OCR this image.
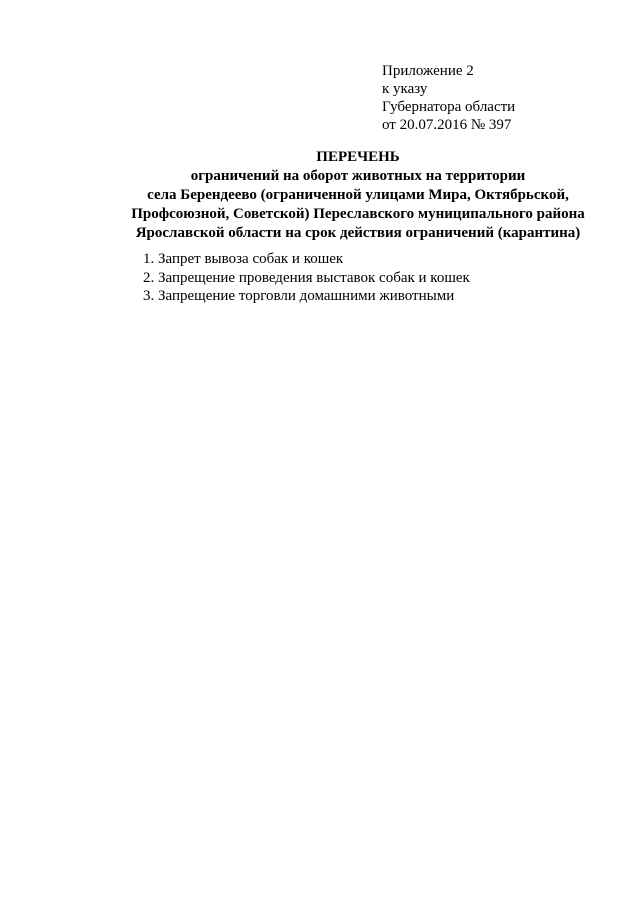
Приложение 2
к указу
Губернатора области
от 20.07.2016 № 397
ПЕРЕЧЕНЬ
ограничений на оборот животных на территории
села Берендеево (ограниченной улицами Мира, Октябрьской,
Профсоюзной, Советской) Переславского муниципального района
Ярославской области на срок действия ограничений (карантина)
1. Запрет вывоза собак и кошек
2. Запрещение проведения выставок собак и кошек
3. Запрещение торговли домашними животными
